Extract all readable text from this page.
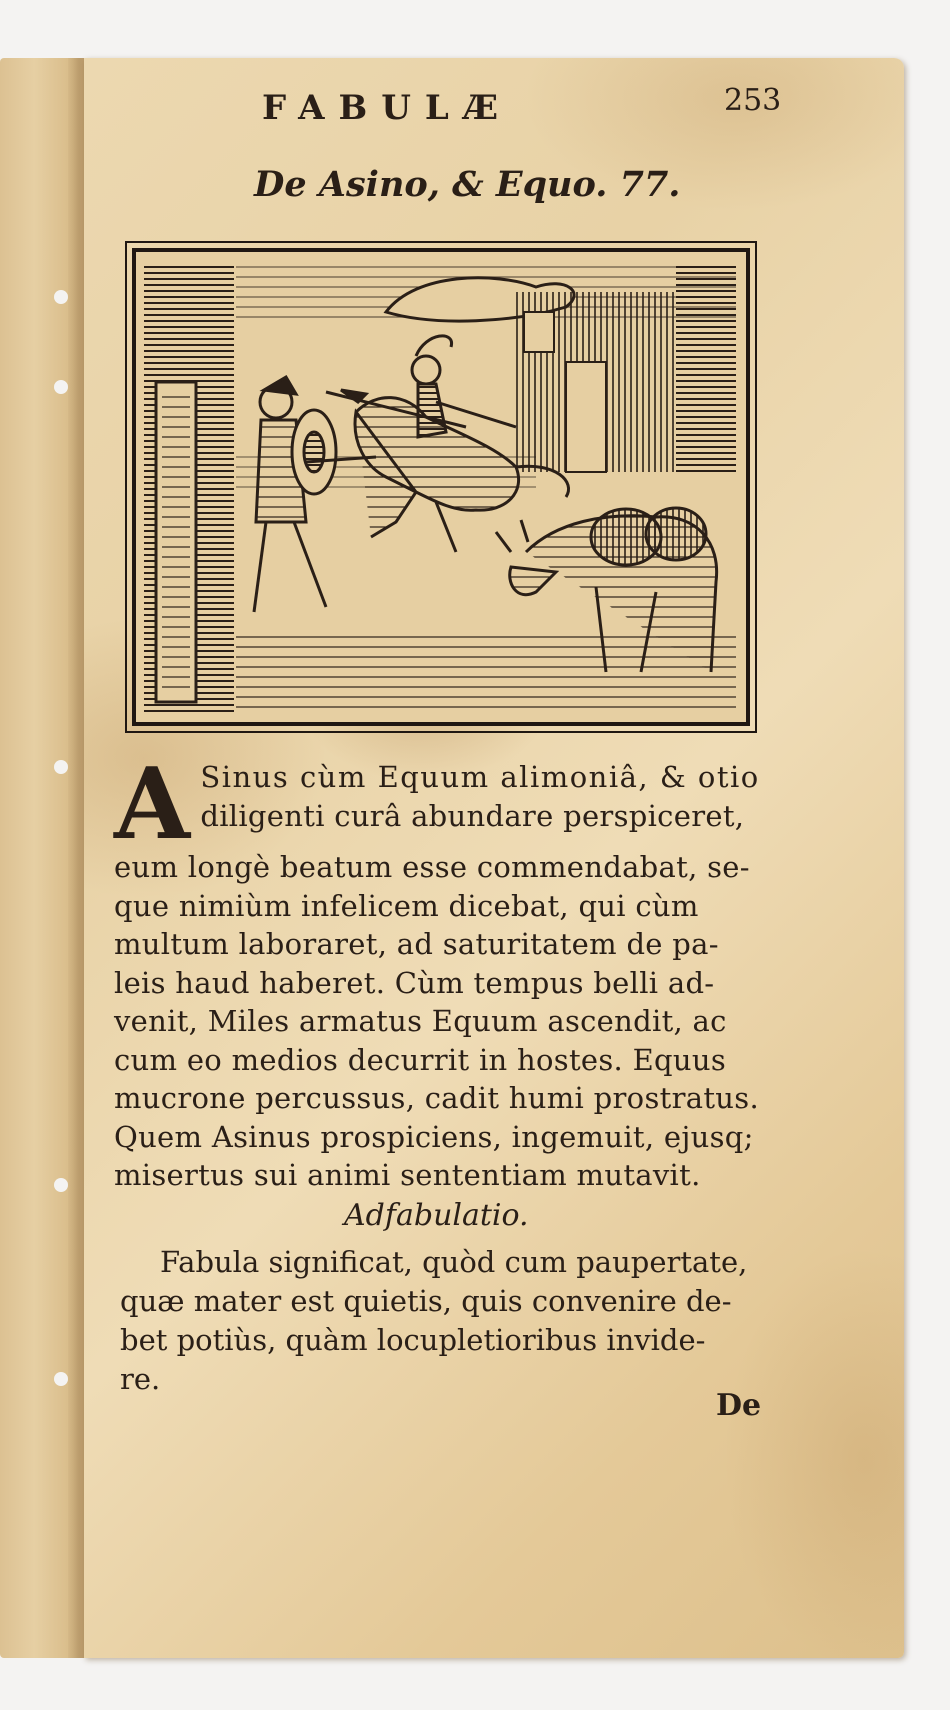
FABULÆ	253
De Asino, & Equo. 77.
A Sinus cùm Equum alimoniâ, & otio
diligenti curâ abundare perspiceret,
eum longè beatum esse commendabat, se-
que nimiùm infelicem dicebat, qui cùm
multum laboraret, ad saturitatem de pa-
leis haud haberet. Cùm tempus belli ad-
venit, Miles armatus Equum ascendit, ac
cum eo medios decurrit in hostes. Equus
mucrone percussus, cadit humi prostratus.
Quem Asinus prospiciens, ingemuit, ejusq;
misertus sui animi sententiam mutavit.
Adfabulatio.
Fabula significat, quòd cum paupertate,
quæ mater est quietis, quis convenire de-
bet potiùs, quàm locupletioribus invide-
re.
De
